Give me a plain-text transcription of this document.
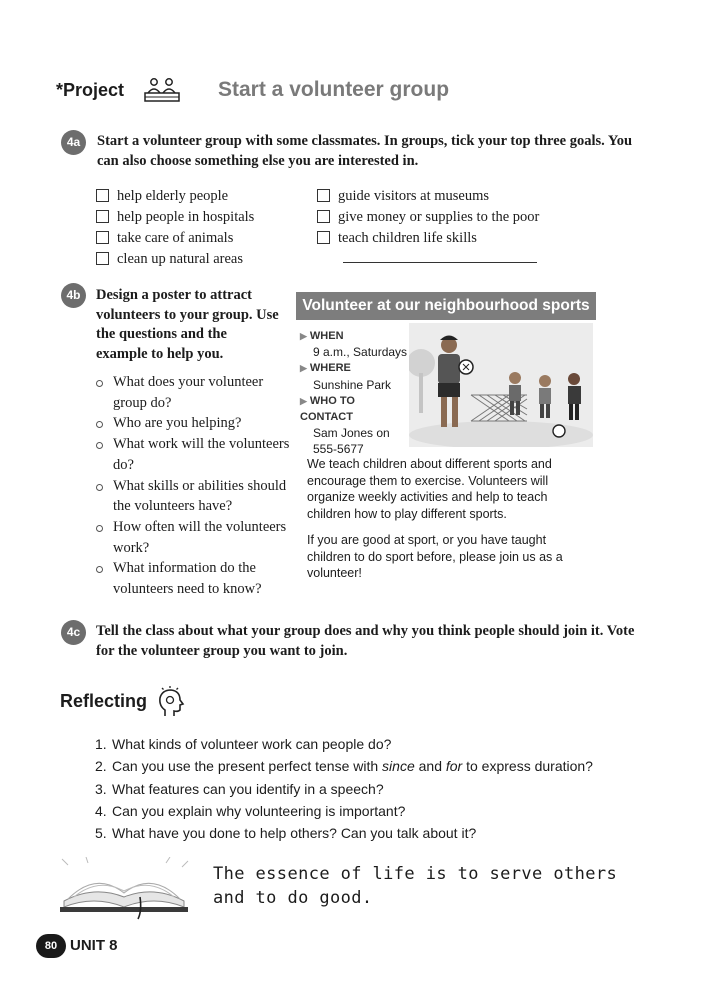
*Project	Start a volunteer group
4a	Start a volunteer group with some classmates. In groups, tick your top three goals. You can also choose something else you are interested in.
help elderly people
help people in hospitals
take care of animals
clean up natural areas
guide visitors at museums
give money or supplies to the poor
teach children life skills
4b	Design a poster to attract volunteers to your group. Use the questions and the example to help you.
What does your volunteer group do?
Who are you helping?
What work will the volunteers do?
What skills or abilities should the volunteers have?
How often will the volunteers work?
What information do the volunteers need to know?
Volunteer at our neighbourhood sports
▶ WHEN
9 a.m., Saturdays
▶ WHERE
Sunshine Park
▶ WHO TO CONTACT
Sam Jones on
555-5677

We teach children about different sports and encourage them to exercise. Volunteers will organize weekly activities and help to teach children how to play different sports.

If you are good at sport, or you have taught children to do sport before, please join us as a volunteer!

4c	Tell the class about what your group does and why you think people should join it. Vote for the volunteer group you want to join.
Reflecting
1. What kinds of volunteer work can people do?
2. Can you use the present perfect tense with since and for to express duration?
3. What features can you identify in a speech?
4. Can you explain why volunteering is important?
5. What have you done to help others? Can you talk about it?
The essence of life is to serve others
and to do good.
80 UNIT 8
